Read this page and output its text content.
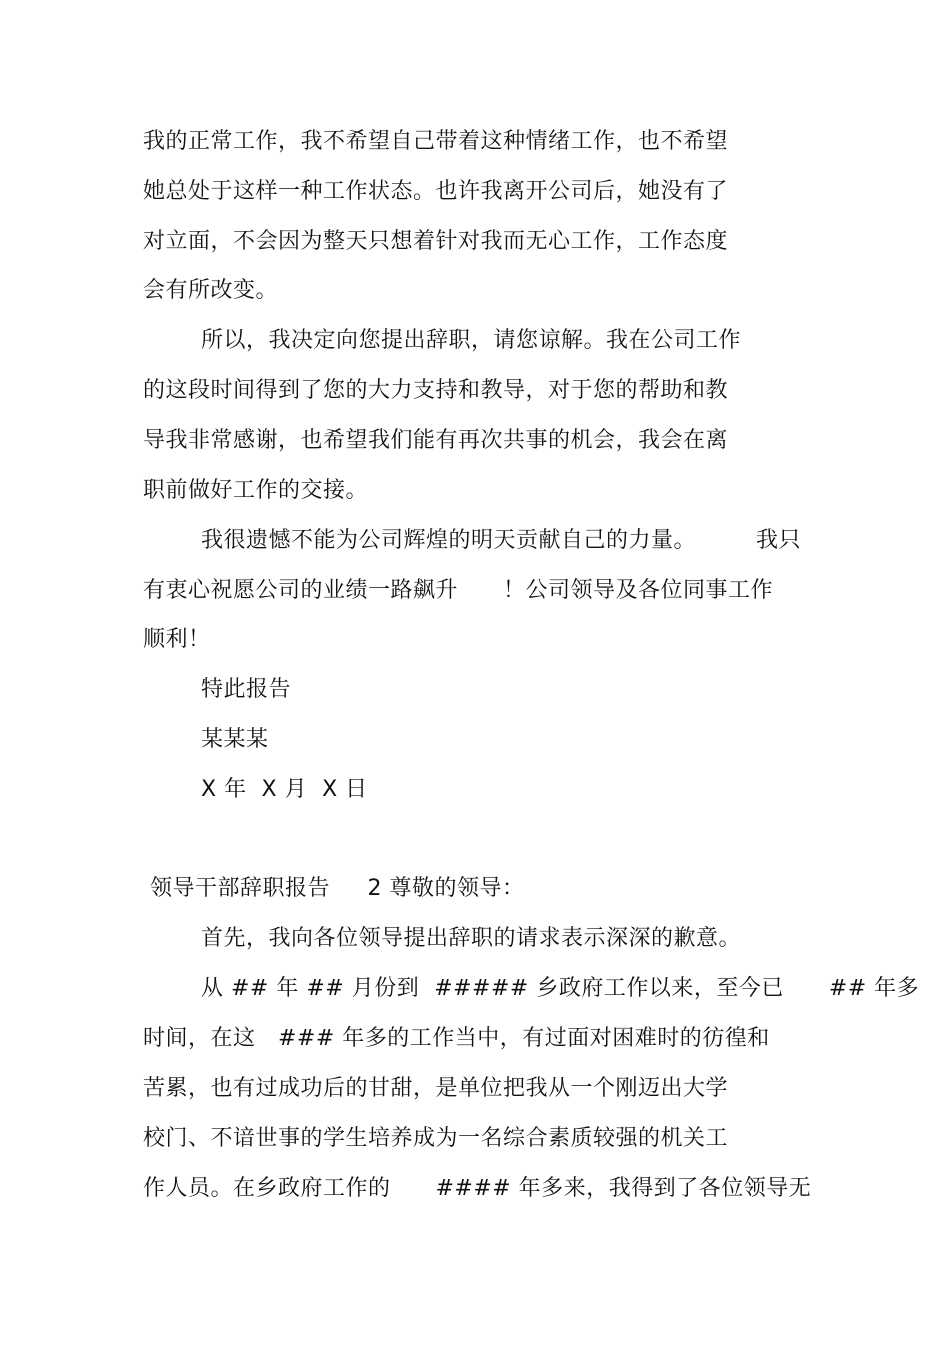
我的正常工作，我不希望自己带着这种情绪工作，也不希望
她总处于这样一种工作状态。也许我离开公司后，她没有了
对立面，不会因为整天只想着针对我而无心工作，工作态度
会有所改变。
所以，我决定向您提出辞职，请您谅解。我在公司工作
的这段时间得到了您的大力支持和教导，对于您的帮助和教
导我非常感谢，也希望我们能有再次共事的机会，我会在离
职前做好工作的交接。
我很遗憾不能为公司辉煌的明天贡献自己的力量。        我只
有衷心祝愿公司的业绩一路飙升      ！公司领导及各位同事工作
顺利！
特此报告
某某某
X 年  X 月  X 日
领导干部辞职报告     2 尊敬的领导：
首先，我向各位领导提出辞职的请求表示深深的歉意。
从 ## 年 ## 月份到  ##### 乡政府工作以来，至今已      ## 年多
时间，在这   ### 年多的工作当中，有过面对困难时的彷徨和
苦累，也有过成功后的甘甜，是单位把我从一个刚迈出大学
校门、不谙世事的学生培养成为一名综合素质较强的机关工
作人员。在乡政府工作的      #### 年多来，我得到了各位领导无
